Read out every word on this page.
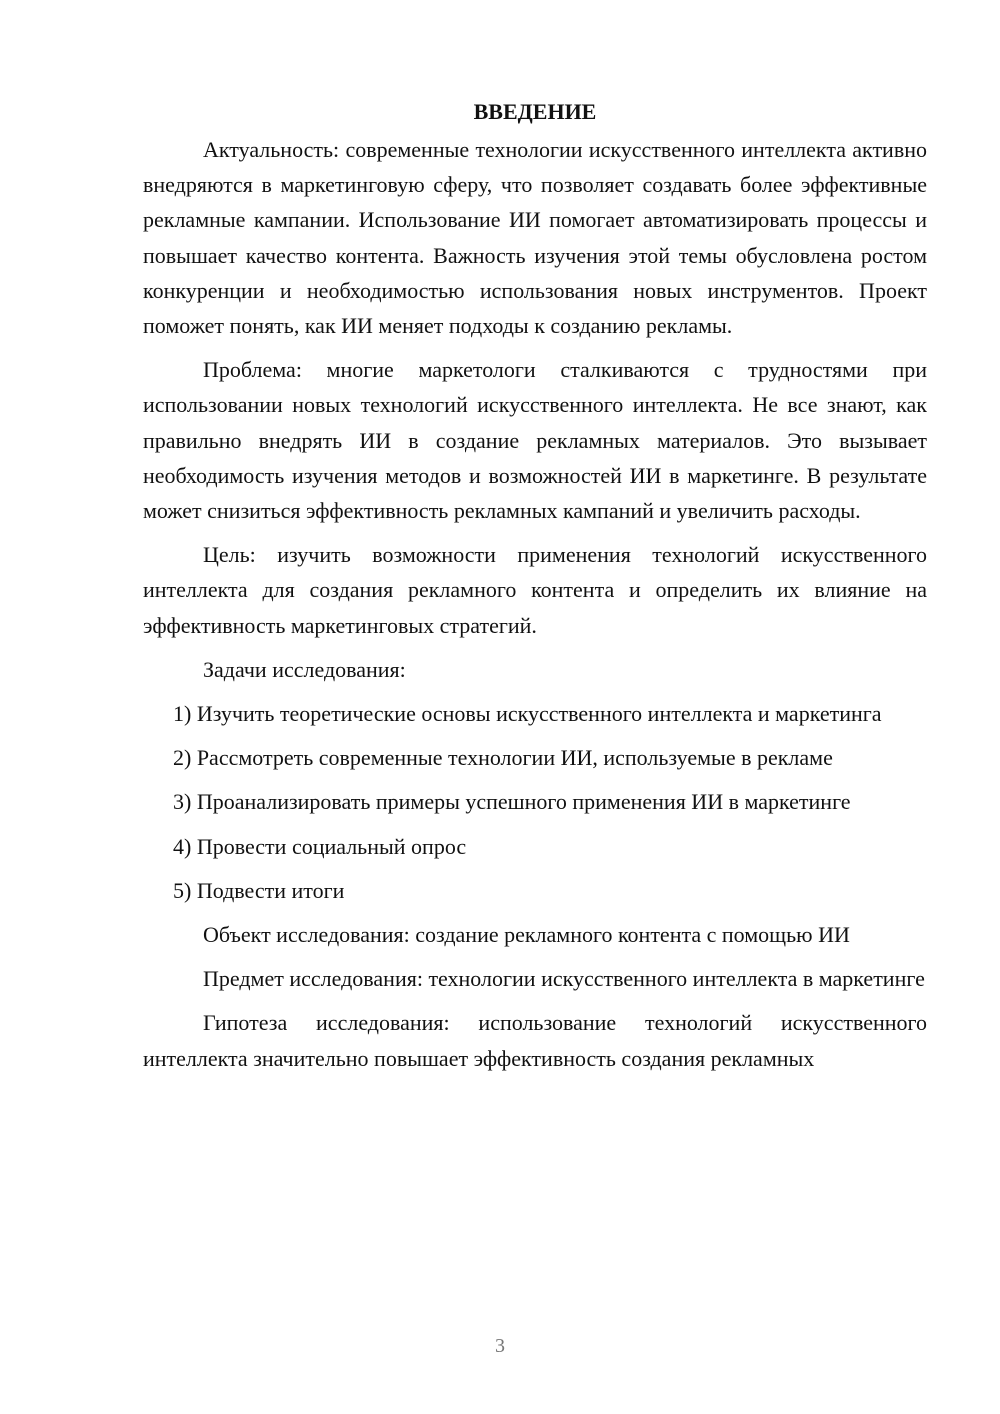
ВВЕДЕНИЕ

Актуальность: современные технологии искусственного интеллекта активно внедряются в маркетинговую сферу, что позволяет создавать более эффективные рекламные кампании. Использование ИИ помогает автоматизировать процессы и повышает качество контента. Важность изучения этой темы обусловлена ростом конкуренции и необходимостью использования новых инструментов. Проект поможет понять, как ИИ меняет подходы к созданию рекламы.

Проблема: многие маркетологи сталкиваются с трудностями при использовании новых технологий искусственного интеллекта. Не все знают, как правильно внедрять ИИ в создание рекламных материалов. Это вызывает необходимость изучения методов и возможностей ИИ в маркетинге. В результате может снизиться эффективность рекламных кампаний и увеличить расходы.

Цель: изучить возможности применения технологий искусственного интеллекта для создания рекламного контента и определить их влияние на эффективность маркетинговых стратегий.

Задачи исследования:

1) Изучить теоретические основы искусственного интеллекта и маркетинга

2) Рассмотреть современные технологии ИИ, используемые в рекламе

3) Проанализировать примеры успешного применения ИИ в маркетинге

4) Провести социальный опрос

5) Подвести итоги

Объект исследования: создание рекламного контента с помощью ИИ

Предмет исследования: технологии искусственного интеллекта в маркетинге

Гипотеза исследования: использование технологий искусственного интеллекта значительно повышает эффективность создания рекламных

3
